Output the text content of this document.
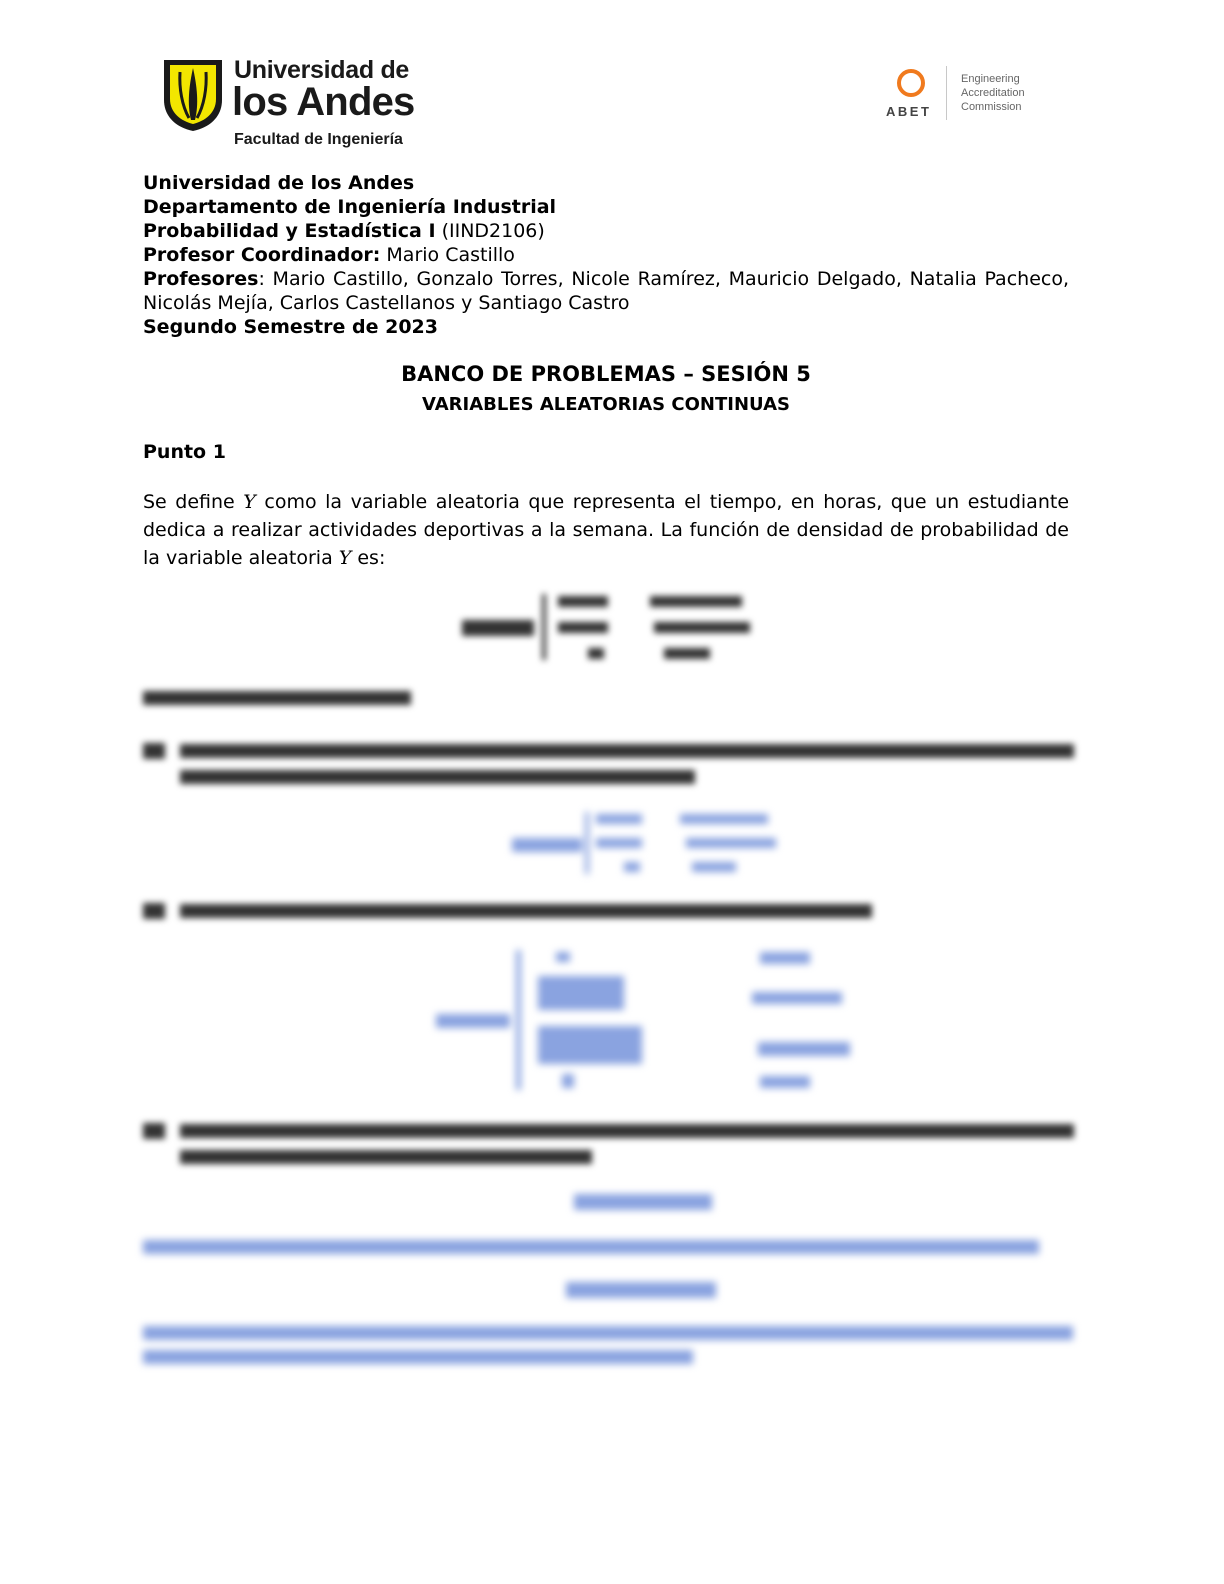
Universidad de
los Andes
Facultad de Ingeniería
ABET
Engineering
Accreditation
Commission
Universidad de los Andes
Departamento de Ingeniería Industrial
Probabilidad y Estadística I (IIND2106)
Profesor Coordinador: Mario Castillo
Profesores: Mario Castillo, Gonzalo Torres, Nicole Ramírez, Mauricio Delgado, Natalia Pacheco, Nicolás Mejía, Carlos Castellanos y Santiago Castro
Segundo Semestre de 2023
BANCO DE PROBLEMAS – SESIÓN 5
VARIABLES ALEATORIAS CONTINUAS
Punto 1
Se define Y como la variable aleatoria que representa el tiempo, en horas, que un estudiante dedica a realizar actividades deportivas a la semana. La función de densidad de probabilidad de la variable aleatoria Y es:
